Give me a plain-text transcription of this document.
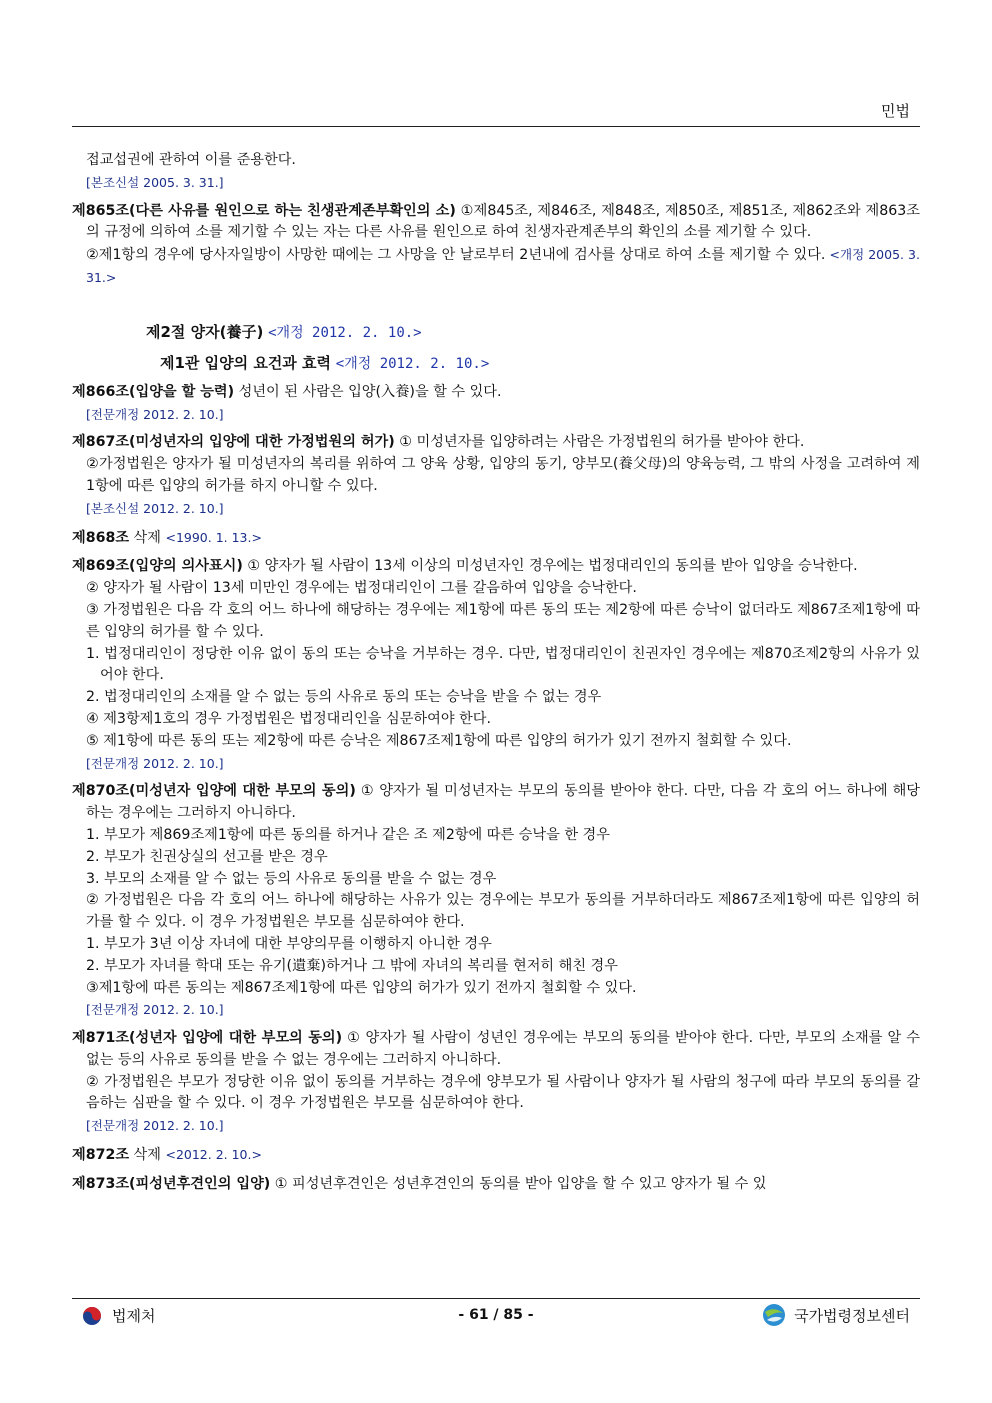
민법
접교섭권에 관하여 이를 준용한다.
[본조신설 2005. 3. 31.]
제865조(다른 사유를 원인으로 하는 친생관계존부확인의 소) ①제845조, 제846조, 제848조, 제850조, 제851조, 제862조와 제863조의 규정에 의하여 소를 제기할 수 있는 자는 다른 사유를 원인으로 하여 친생자관계존부의 확인의 소를 제기할 수 있다.
②제1항의 경우에 당사자일방이 사망한 때에는 그 사망을 안 날로부터 2년내에 검사를 상대로 하여 소를 제기할 수 있다. <개정 2005. 3. 31.>
제2절 양자(養子) <개정 2012. 2. 10.>
제1관 입양의 요건과 효력 <개정 2012. 2. 10.>
제866조(입양을 할 능력) 성년이 된 사람은 입양(入養)을 할 수 있다.
[전문개정 2012. 2. 10.]
제867조(미성년자의 입양에 대한 가정법원의 허가) ① 미성년자를 입양하려는 사람은 가정법원의 허가를 받아야 한다.
②가정법원은 양자가 될 미성년자의 복리를 위하여 그 양육 상황, 입양의 동기, 양부모(養父母)의 양육능력, 그 밖의 사정을 고려하여 제1항에 따른 입양의 허가를 하지 아니할 수 있다.
[본조신설 2012. 2. 10.]
제868조 삭제 <1990. 1. 13.>
제869조(입양의 의사표시) ① 양자가 될 사람이 13세 이상의 미성년자인 경우에는 법정대리인의 동의를 받아 입양을 승낙한다.
② 양자가 될 사람이 13세 미만인 경우에는 법정대리인이 그를 갈음하여 입양을 승낙한다.
③ 가정법원은 다음 각 호의 어느 하나에 해당하는 경우에는 제1항에 따른 동의 또는 제2항에 따른 승낙이 없더라도 제867조제1항에 따른 입양의 허가를 할 수 있다.
1. 법정대리인이 정당한 이유 없이 동의 또는 승낙을 거부하는 경우. 다만, 법정대리인이 친권자인 경우에는 제870조제2항의 사유가 있어야 한다.
2. 법정대리인의 소재를 알 수 없는 등의 사유로 동의 또는 승낙을 받을 수 없는 경우
④ 제3항제1호의 경우 가정법원은 법정대리인을 심문하여야 한다.
⑤ 제1항에 따른 동의 또는 제2항에 따른 승낙은 제867조제1항에 따른 입양의 허가가 있기 전까지 철회할 수 있다.
[전문개정 2012. 2. 10.]
제870조(미성년자 입양에 대한 부모의 동의) ① 양자가 될 미성년자는 부모의 동의를 받아야 한다. 다만, 다음 각 호의 어느 하나에 해당하는 경우에는 그러하지 아니하다.
1. 부모가 제869조제1항에 따른 동의를 하거나 같은 조 제2항에 따른 승낙을 한 경우
2. 부모가 친권상실의 선고를 받은 경우
3. 부모의 소재를 알 수 없는 등의 사유로 동의를 받을 수 없는 경우
② 가정법원은 다음 각 호의 어느 하나에 해당하는 사유가 있는 경우에는 부모가 동의를 거부하더라도 제867조제1항에 따른 입양의 허가를 할 수 있다. 이 경우 가정법원은 부모를 심문하여야 한다.
1. 부모가 3년 이상 자녀에 대한 부양의무를 이행하지 아니한 경우
2. 부모가 자녀를 학대 또는 유기(遺棄)하거나 그 밖에 자녀의 복리를 현저히 해친 경우
③제1항에 따른 동의는 제867조제1항에 따른 입양의 허가가 있기 전까지 철회할 수 있다.
[전문개정 2012. 2. 10.]
제871조(성년자 입양에 대한 부모의 동의) ① 양자가 될 사람이 성년인 경우에는 부모의 동의를 받아야 한다. 다만, 부모의 소재를 알 수 없는 등의 사유로 동의를 받을 수 없는 경우에는 그러하지 아니하다.
② 가정법원은 부모가 정당한 이유 없이 동의를 거부하는 경우에 양부모가 될 사람이나 양자가 될 사람의 청구에 따라 부모의 동의를 갈음하는 심판을 할 수 있다. 이 경우 가정법원은 부모를 심문하여야 한다.
[전문개정 2012. 2. 10.]
제872조 삭제 <2012. 2. 10.>
제873조(피성년후견인의 입양) ① 피성년후견인은 성년후견인의 동의를 받아 입양을 할 수 있고 양자가 될 수 있
법제처	- 61 / 85 -	국가법령정보센터
